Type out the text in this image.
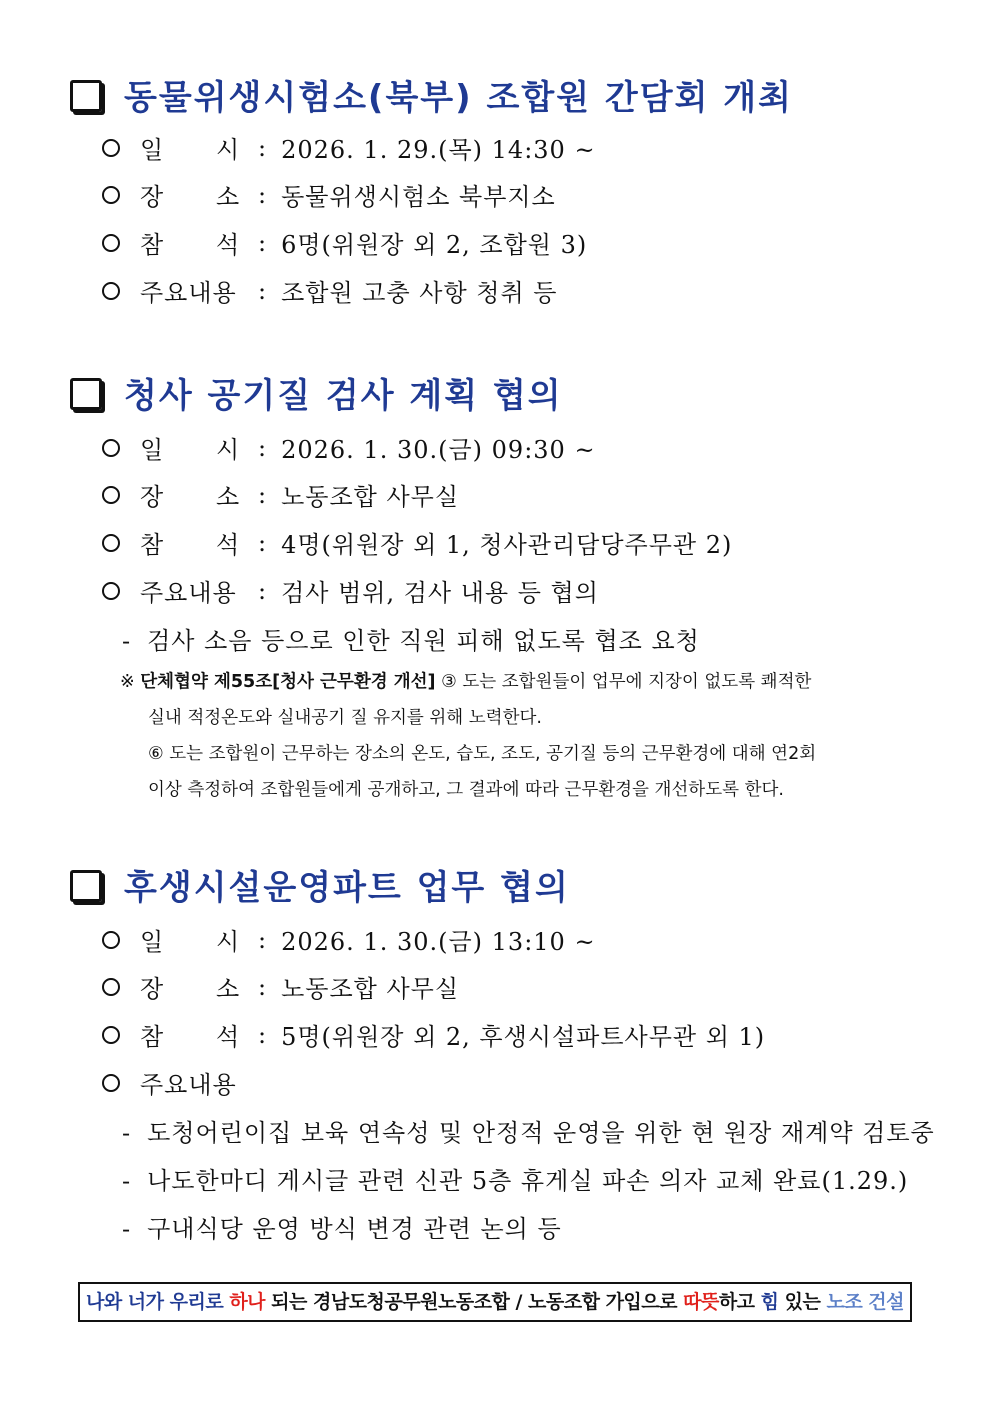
동물위생시험소(북부) 조합원 간담회 개최
일      시 : 2026. 1. 29.(목) 14:30 ~
장      소 : 동물위생시험소 북부지소
참      석 : 6명(위원장 외 2, 조합원 3)
주요내용 : 조합원 고충 사항 청취 등
청사 공기질 검사 계획 협의
일      시 : 2026. 1. 30.(금) 09:30 ~
장      소 : 노동조합 사무실
참      석 : 4명(위원장 외 1, 청사관리담당주무관 2)
주요내용 : 검사 범위, 검사 내용 등 협의
- 검사 소음 등으로 인한 직원 피해 없도록 협조 요청
※ 단체협약 제55조[청사 근무환경 개선] ③ 도는 조합원들이 업무에 지장이 없도록 쾌적한
실내 적정온도와 실내공기 질 유지를 위해 노력한다.
⑥ 도는 조합원이 근무하는 장소의 온도, 습도, 조도, 공기질 등의 근무환경에 대해 연2회
이상 측정하여 조합원들에게 공개하고, 그 결과에 따라 근무환경을 개선하도록 한다.
후생시설운영파트 업무 협의
일      시 : 2026. 1. 30.(금) 13:10 ~
장      소 : 노동조합 사무실
참      석 : 5명(위원장 외 2, 후생시설파트사무관 외 1)
주요내용
- 도청어린이집 보육 연속성 및 안정적 운영을 위한 현 원장 재계약 검토중
- 나도한마디 게시글 관련 신관 5층 휴게실 파손 의자 교체 완료(1.29.)
- 구내식당 운영 방식 변경 관련 논의 등
나와 너가 우리로 하나 되는 경남도청공무원노동조합 / 노동조합 가입으로 따뜻하고 힘 있는 노조 건설
